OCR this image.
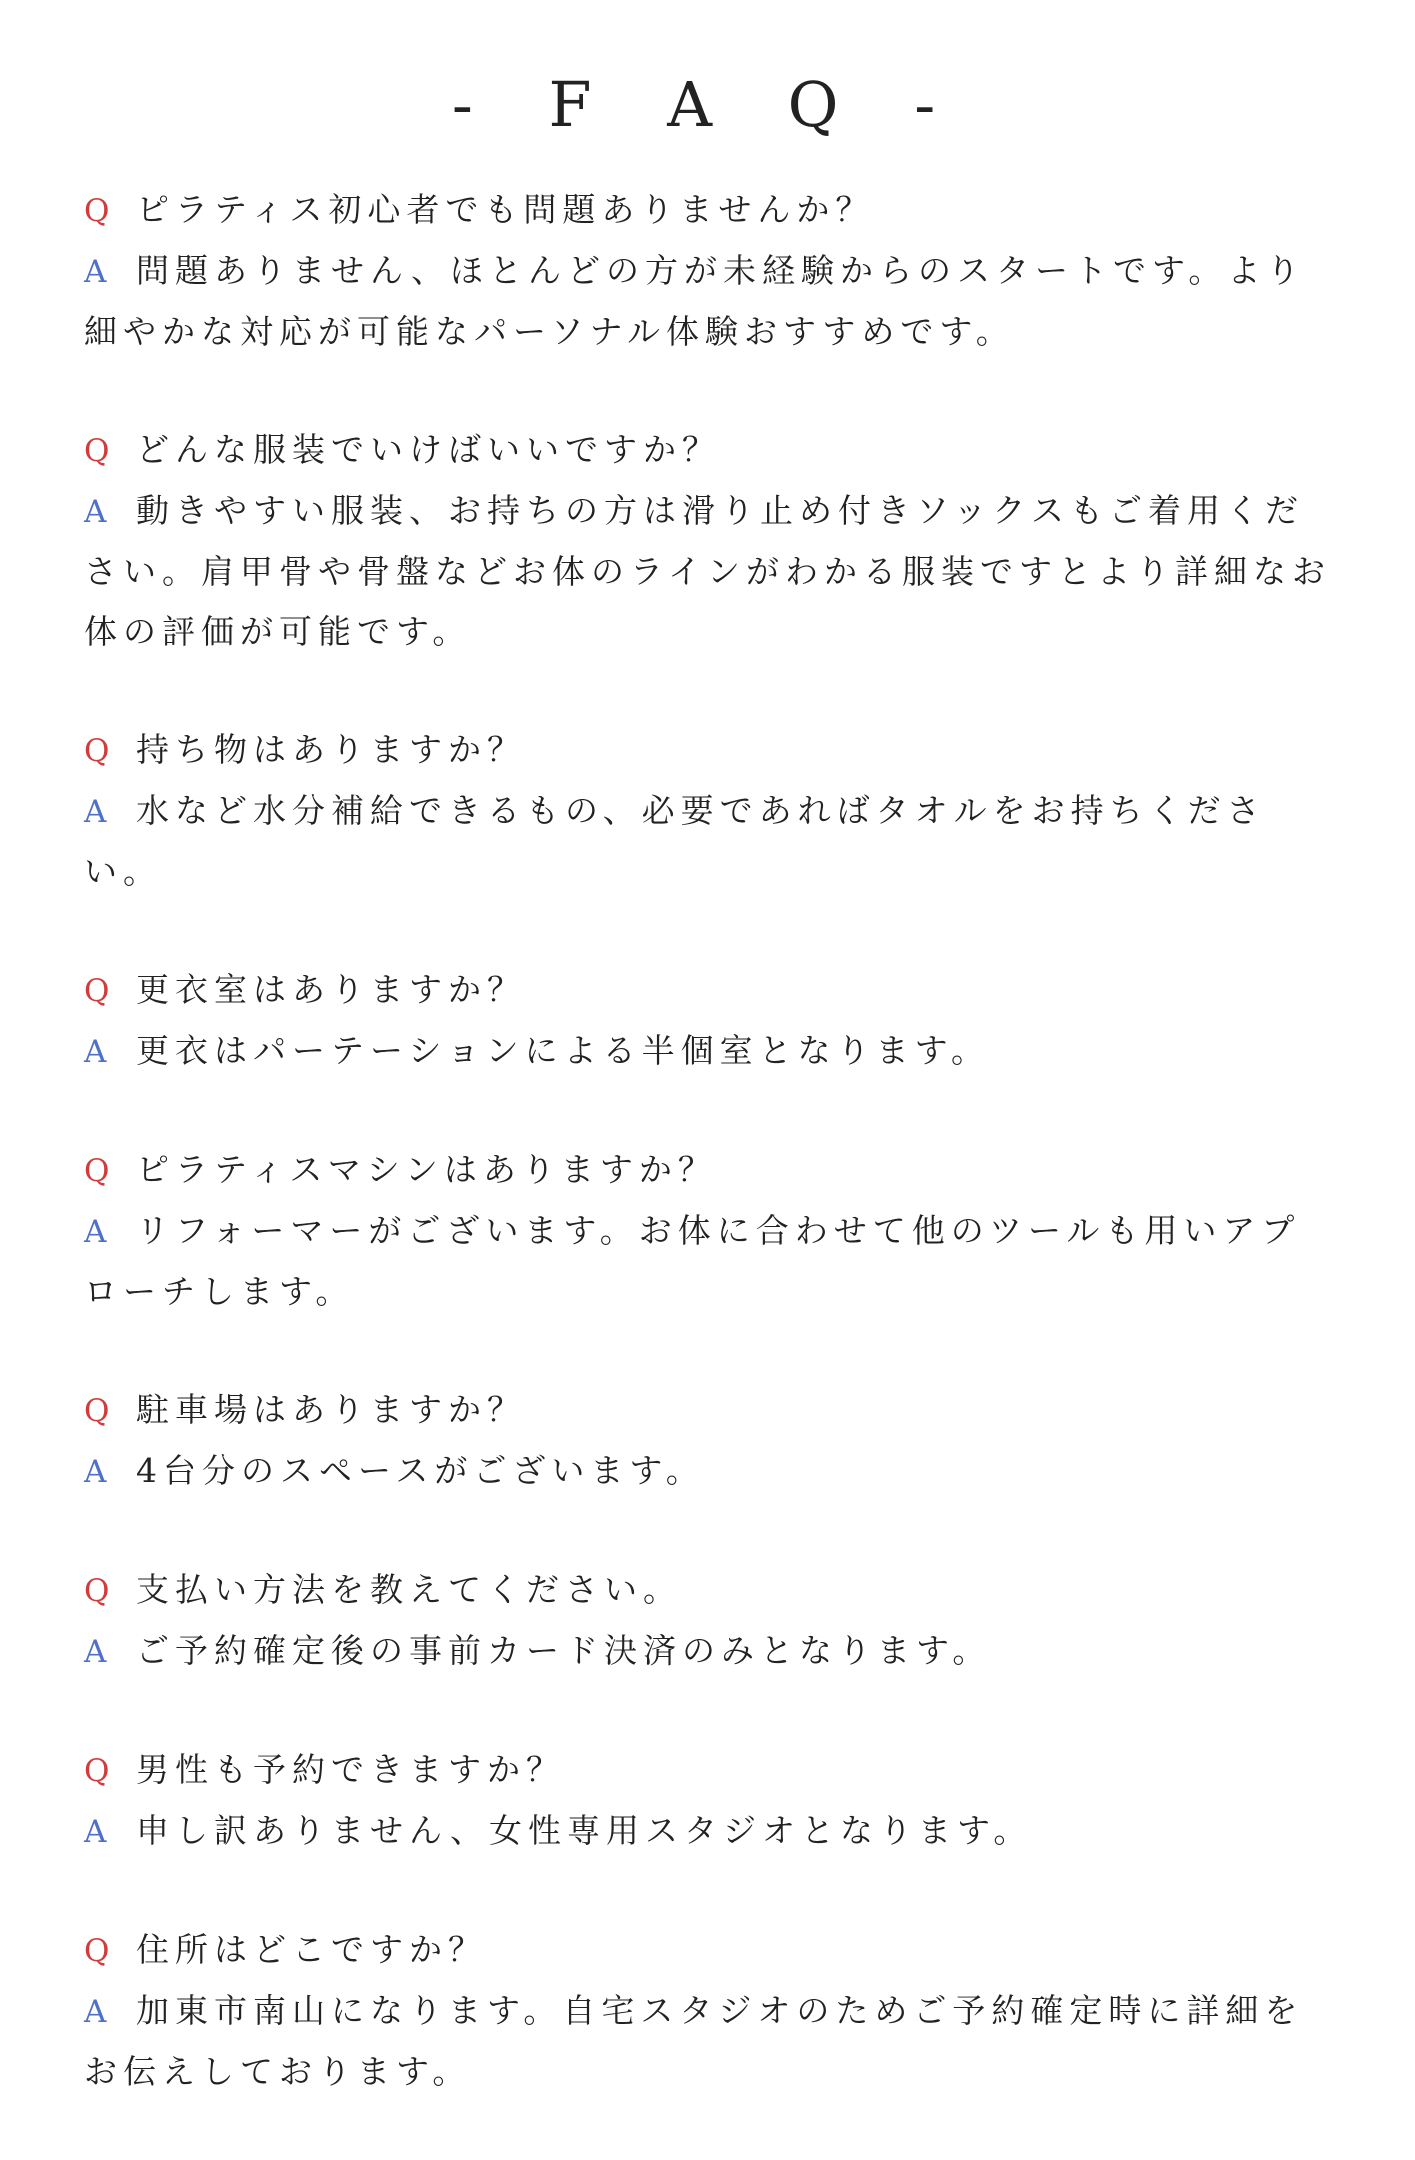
- F A Q -
Q ピラティス初心者でも問題ありませんか？
A 問題ありません、ほとんどの方が未経験からのスタートです。より細やかな対応が可能なパーソナル体験おすすめです。
Q どんな服装でいけばいいですか？
A 動きやすい服装、お持ちの方は滑り止め付きソックスもご着用ください。肩甲骨や骨盤などお体のラインがわかる服装ですとより詳細なお体の評価が可能です。
Q 持ち物はありますか？
A 水など水分補給できるもの、必要であればタオルをお持ちください。
Q 更衣室はありますか？
A 更衣はパーテーションによる半個室となります。
Q ピラティスマシンはありますか？
A リフォーマーがございます。お体に合わせて他のツールも用いアプローチします。
Q 駐車場はありますか？
A 4台分のスペースがございます。
Q 支払い方法を教えてください。
A ご予約確定後の事前カード決済のみとなります。
Q 男性も予約できますか？
A 申し訳ありません、女性専用スタジオとなります。
Q 住所はどこですか？
A 加東市南山になります。自宅スタジオのためご予約確定時に詳細をお伝えしております。
